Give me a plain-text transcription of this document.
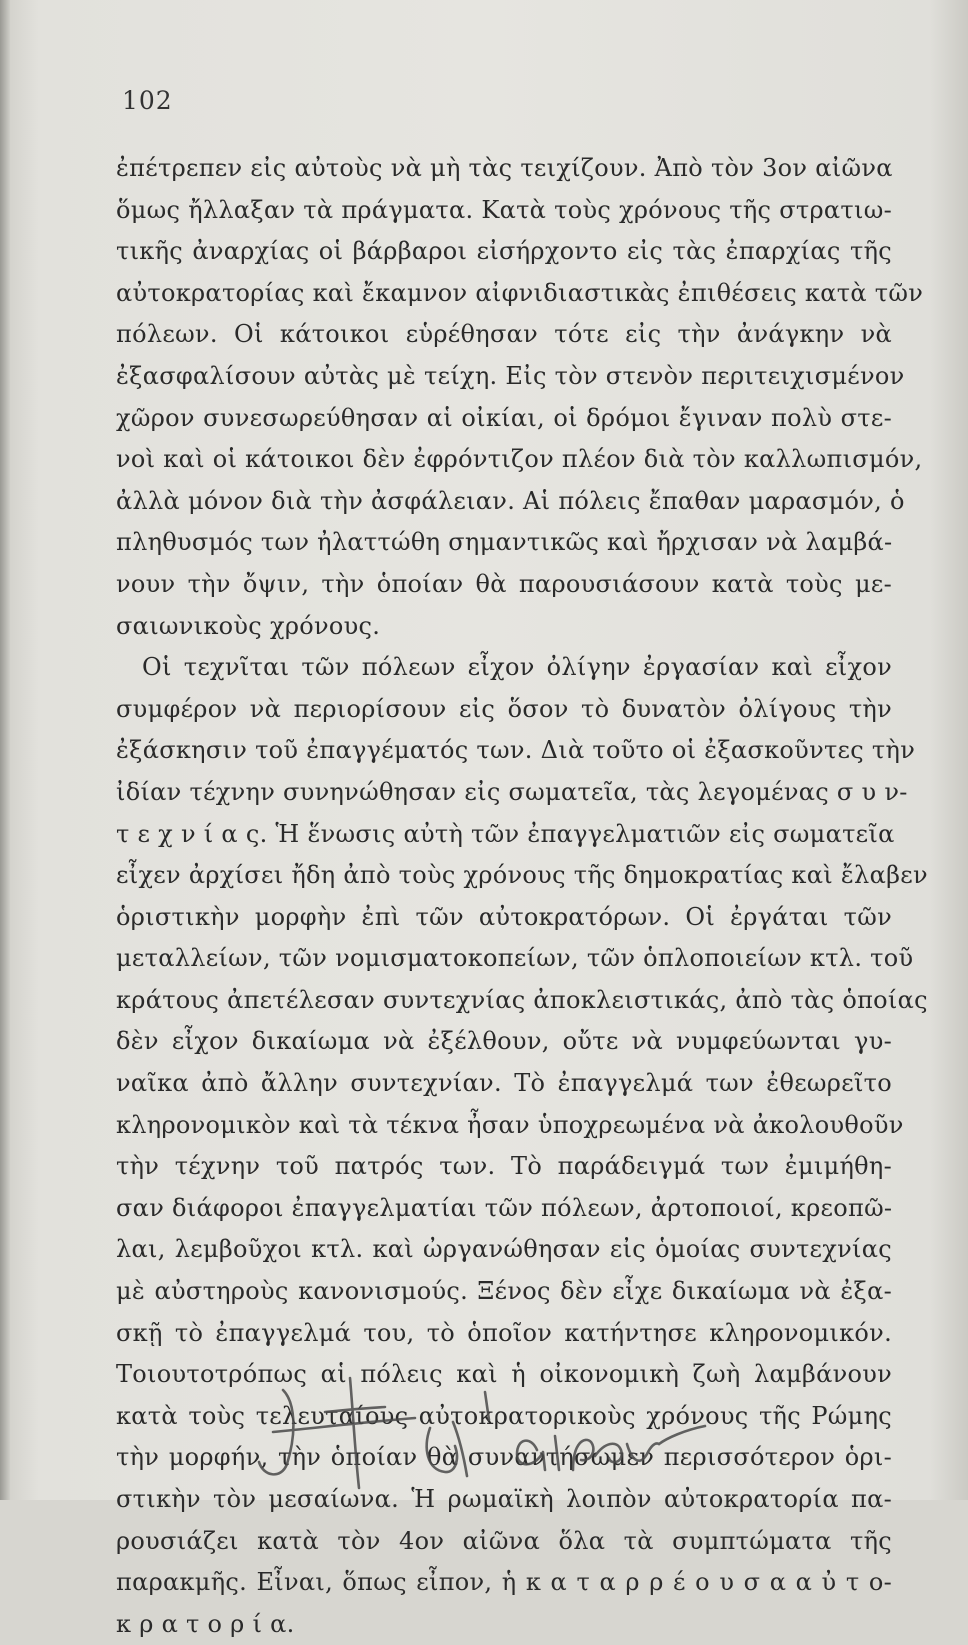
102
ἐπέτρεπεν εἰς αὐτοὺς νὰ μὴ τὰς τειχίζουν. Ἀπὸ τὸν 3ον αἰῶνα
ὅμως ἤλλαξαν τὰ πράγματα. Κατὰ τοὺς χρόνους τῆς στρατιω-
τικῆς ἀναρχίας οἱ βάρβαροι εἰσήρχοντο εἰς τὰς ἐπαρχίας τῆς
αὐτοκρατορίας καὶ ἔκαμνον αἰφνιδιαστικὰς ἐπιθέσεις κατὰ τῶν
πόλεων. Οἱ κάτοικοι εὑρέθησαν τότε εἰς τὴν ἀνάγκην νὰ
ἐξασφαλίσουν αὐτὰς μὲ τείχη. Εἰς τὸν στενὸν περιτειχισμένον
χῶρον συνεσωρεύθησαν αἱ οἰκίαι, οἱ δρόμοι ἔγιναν πολὺ στε-
νοὶ καὶ οἱ κάτοικοι δὲν ἐφρόντιζον πλέον διὰ τὸν καλλωπισμόν,
ἀλλὰ μόνον διὰ τὴν ἀσφάλειαν. Αἱ πόλεις ἔπαθαν μαρασμόν, ὁ
πληθυσμός των ἠλαττώθη σημαντικῶς καὶ ἤρχισαν νὰ λαμβά-
νουν τὴν ὄψιν, τὴν ὁποίαν θὰ παρουσιάσουν κατὰ τοὺς με-
σαιωνικοὺς χρόνους.
Οἱ τεχνῖται τῶν πόλεων εἶχον ὀλίγην ἐργασίαν καὶ εἶχον
συμφέρον νὰ περιορίσουν εἰς ὅσον τὸ δυνατὸν ὀλίγους τὴν
ἐξάσκησιν τοῦ ἐπαγγέματός των. Διὰ τοῦτο οἱ ἐξασκοῦντες τὴν
ἰδίαν τέχνην συνηνώθησαν εἰς σωματεῖα, τὰς λεγομένας σ υ ν-
τ ε χ ν ί α ς. Ἡ ἕνωσις αὐτὴ τῶν ἐπαγγελματιῶν εἰς σωματεῖα
εἶχεν ἀρχίσει ἤδη ἀπὸ τοὺς χρόνους τῆς δημοκρατίας καὶ ἔλαβεν
ὁριστικὴν μορφὴν ἐπὶ τῶν αὐτοκρατόρων. Οἱ ἐργάται τῶν
μεταλλείων, τῶν νομισματοκοπείων, τῶν ὁπλοποιείων κτλ. τοῦ
κράτους ἀπετέλεσαν συντεχνίας ἀποκλειστικάς, ἀπὸ τὰς ὁποίας
δὲν εἶχον δικαίωμα νὰ ἐξέλθουν, οὔτε νὰ νυμφεύωνται γυ-
ναῖκα ἀπὸ ἄλλην συντεχνίαν. Τὸ ἐπαγγελμά των ἐθεωρεῖτο
κληρονομικὸν καὶ τὰ τέκνα ἦσαν ὑποχρεωμένα νὰ ἀκολουθοῦν
τὴν τέχνην τοῦ πατρός των. Τὸ παράδειγμά των ἐμιμήθη-
σαν διάφοροι ἐπαγγελματίαι τῶν πόλεων, ἀρτοποιοί, κρεοπῶ-
λαι, λεμβοῦχοι κτλ. καὶ ὠργανώθησαν εἰς ὁμοίας συντεχνίας
μὲ αὐστηροὺς κανονισμούς. Ξένος δὲν εἶχε δικαίωμα νὰ ἐξα-
σκῇ τὸ ἐπαγγελμά του, τὸ ὁποῖον κατήντησε κληρονομικόν.
Τοιουτοτρόπως αἱ πόλεις καὶ ἡ οἰκονομικὴ ζωὴ λαμβάνουν
κατὰ τοὺς τελευταίους αὐτοκρατορικοὺς χρόνους τῆς Ρώμης
τὴν μορφήν, τὴν ὁποίαν θὰ συναντήσωμεν περισσότερον ὁρι-
στικὴν τὸν μεσαίωνα. Ἡ ρωμαϊκὴ λοιπὸν αὐτοκρατορία πα-
ρουσιάζει κατὰ τὸν 4ον αἰῶνα ὅλα τὰ συμπτώματα τῆς
παρακμῆς. Εἶναι, ὅπως εἶπον, ἡ κ α τ α ρ ρ έ ο υ σ α α ὐ τ ο-
κ ρ α τ ο ρ ί α.
